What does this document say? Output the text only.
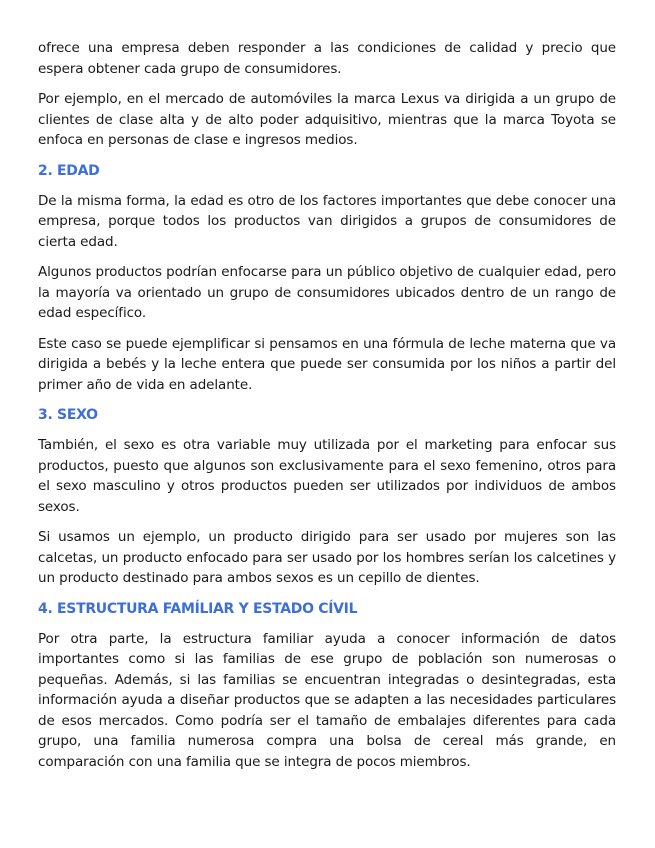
ofrece una empresa deben responder a las condiciones de calidad y precio que espera obtener cada grupo de consumidores.

Por ejemplo, en el mercado de automóviles la marca Lexus va dirigida a un grupo de clientes de clase alta y de alto poder adquisitivo, mientras que la marca Toyota se enfoca en personas de clase e ingresos medios.

2. EDAD

De la misma forma, la edad es otro de los factores importantes que debe conocer una empresa, porque todos los productos van dirigidos a grupos de consumidores de cierta edad.

Algunos productos podrían enfocarse para un público objetivo de cualquier edad, pero la mayoría va orientado un grupo de consumidores ubicados dentro de un rango de edad específico.

Este caso se puede ejemplificar si pensamos en una fórmula de leche materna que va dirigida a bebés y la leche entera que puede ser consumida por los niños a partir del primer año de vida en adelante.

3. SEXO

También, el sexo es otra variable muy utilizada por el marketing para enfocar sus productos, puesto que algunos son exclusivamente para el sexo femenino, otros para el sexo masculino y otros productos pueden ser utilizados por individuos de ambos sexos.

Si usamos un ejemplo, un producto dirigido para ser usado por mujeres son las calcetas, un producto enfocado para ser usado por los hombres serían los calcetines y un producto destinado para ambos sexos es un cepillo de dientes.

4. ESTRUCTURA FAMÍLIAR Y ESTADO CÍVIL

Por otra parte, la estructura familiar ayuda a conocer información de datos importantes como si las familias de ese grupo de población son numerosas o pequeñas. Además, si las familias se encuentran integradas o desintegradas, esta información ayuda a diseñar productos que se adapten a las necesidades particulares de esos mercados. Como podría ser el tamaño de embalajes diferentes para cada grupo, una familia numerosa compra una bolsa de cereal más grande, en comparación con una familia que se integra de pocos miembros.
